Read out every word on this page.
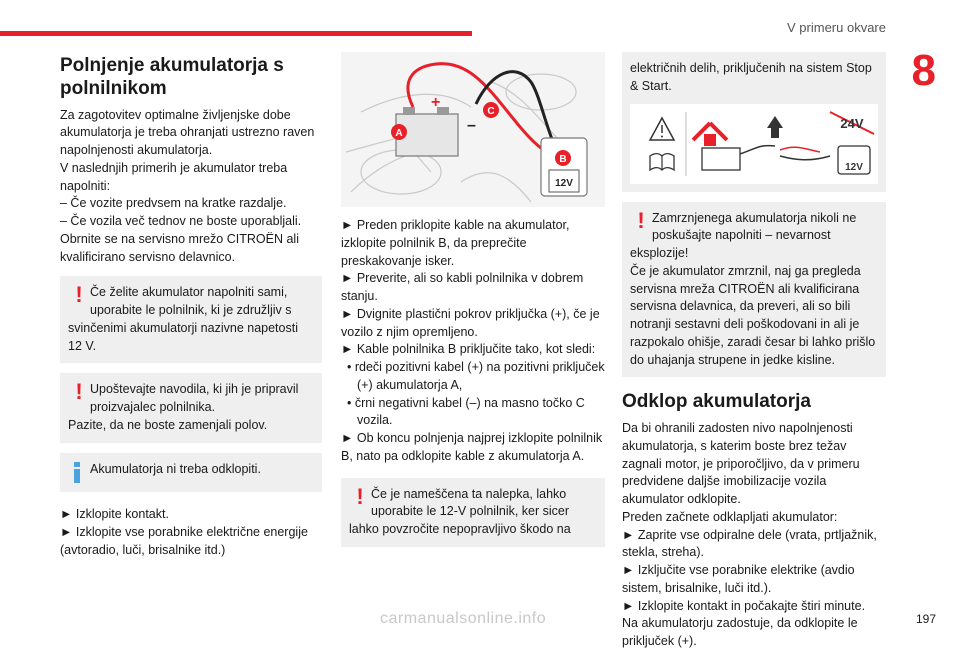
V primeru okvare
8
Polnjenje akumulatorja s polnilnikom

Za zagotovitev optimalne življenjske dobe akumulatorja je treba ohranjati ustrezno raven napolnjenosti akumulatorja.

V naslednjih primerih je akumulator treba napolniti:

– Če vozite predvsem na kratke razdalje.

– Če vozila več tednov ne boste uporabljali.

Obrnite se na servisno mrežo CITROËN ali kvalificirano servisno delavnico.

! Če želite akumulator napolniti sami, uporabite le polnilnik, ki je združljiv s

svinčenimi akumulatorji nazivne napetosti 12 V.

! Upoštevajte navodila, ki jih je pripravil proizvajalec polnilnika.

Pazite, da ne boste zamenjali polov.

Akumulatorja ni treba odklopiti.

► Izklopite kontakt.
► Izklopite vse porabnike električne energije (avtoradio, luči, brisalnike itd.)
A
C
B
+
–
12V
► Preden priklopite kable na akumulator, izklopite polnilnik B, da preprečite preskakovanje isker.
► Preverite, ali so kabli polnilnika v dobrem stanju.
► Dvignite plastični pokrov priključka (+), če je vozilo z njim opremljeno.
► Kable polnilnika B priključite tako, kot sledi:
• rdeči pozitivni kabel (+) na pozitivni priključek (+) akumulatorja A,
• črni negativni kabel (–) na masno točko C vozila.
► Ob koncu polnjenja najprej izklopite polnilnik B, nato pa odklopite kable z akumulatorja A.
! Če je nameščena ta nalepka, lahko uporabite le 12-V polnilnik, ker sicer

lahko povzročite nepopravljivo škodo na

električnih delih, priključenih na sistem Stop & Start.

24V
12V
! Zamrznjenega akumulatorja nikoli ne poskušajte napolniti – nevarnost

eksplozije!

Če je akumulator zmrznil, naj ga pregleda servisna mreža CITROËN ali kvalificirana servisna delavnica, da preveri, ali so bili notranji sestavni deli poškodovani in ali je razpokalo ohišje, zaradi česar bi lahko prišlo do uhajanja strupene in jedke kisline.

Odklop akumulatorja

Da bi ohranili zadosten nivo napolnjenosti akumulatorja, s katerim boste brez težav zagnali motor, je priporočljivo, da v primeru predvidene daljše imobilizacije vozila akumulator odklopite.

Preden začnete odklapljati akumulator:

► Zaprite vse odpiralne dele (vrata, prtljažnik, stekla, streha).

► Izključite vse porabnike elektrike (avdio sistem, brisalnike, luči itd.).

► Izklopite kontakt in počakajte štiri minute.

Na akumulatorju zadostuje, da odklopite le priključek (+).

carmanualsonline.info	197
